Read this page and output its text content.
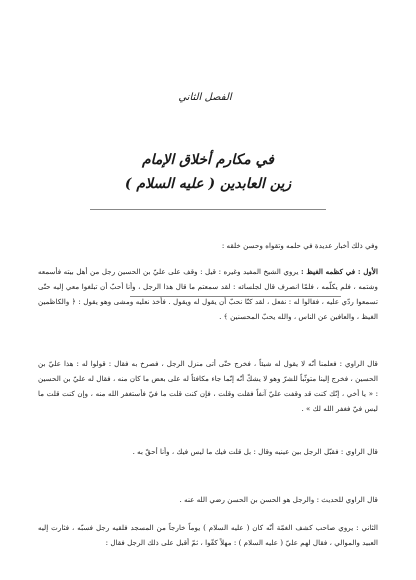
الفصل الثاني
في مكارم أخلاق الإمام
زين العابدين ( عليه السلام )

وفي ذلك أخبار عديدة في حلمه وتقواه وحسن خلقه :

الأول : في كظمه الغيظ : يروي الشيخ المفيد وغيره : قيل : وقف على عليّ بن الحسين رجل من أهل بيته فأسمعه وشتمه ، فلم يكلّمه ، فلمّا انصرف قال لجلسائه : لقد سمعتم ما قال هذا الرجل ، وأنا أحبّ أن تبلغوا معي إليه حتّى تسمعوا ردّي عليه ، فقالوا له : نفعل ، لقد كنّا نحبّ أن يقول له ويقول . فأخذ نعليه ومشى وهو يقول : ﴿ والكاظمين الغيظ ، والعافين عن الناس ، والله يحبّ المحسنين ﴾ .

قال الراوي : فعلمنا أنّه لا يقول له شيئاً ، فخرج حتّى أتى منزل الرجل ، فصرخ به فقال : قولوا له : هذا عليّ بن الحسين ، فخرج إلينا متوثّباً للشرّ وهو لا يشكّ أنّه إنّما جاء مكافئاً له على بعض ما كان منه ، فقال له عليّ بن الحسين : « يا أخي ، إنّك كنت قد وقفت عليّ آنفاً فقلت وقلت ، فإن كنت قلت ما فيّ فأستغفر الله منه ، وإن كنت قلت ما ليس فيّ فغفر الله لك » .

قال الراوي : فقبّل الرجل بين عينيه وقال : بل قلت فيك ما ليس فيك ، وأنا أحقّ به .

قال الراوي للحديث : والرجل هو الحسن بن الحسن رضي الله عنه .

الثاني : يروي صاحب كشف الغمّة أنّه كان ( عليه السلام ) يوماً خارجاً من المسجد فلقيه رجل فسبّه ، فثارت إليه العبيد والموالي ، فقال لهم عليّ ( عليه السلام ) : مهلاً كفّوا ، ثمّ أقبل على ذلك الرجل فقال :
